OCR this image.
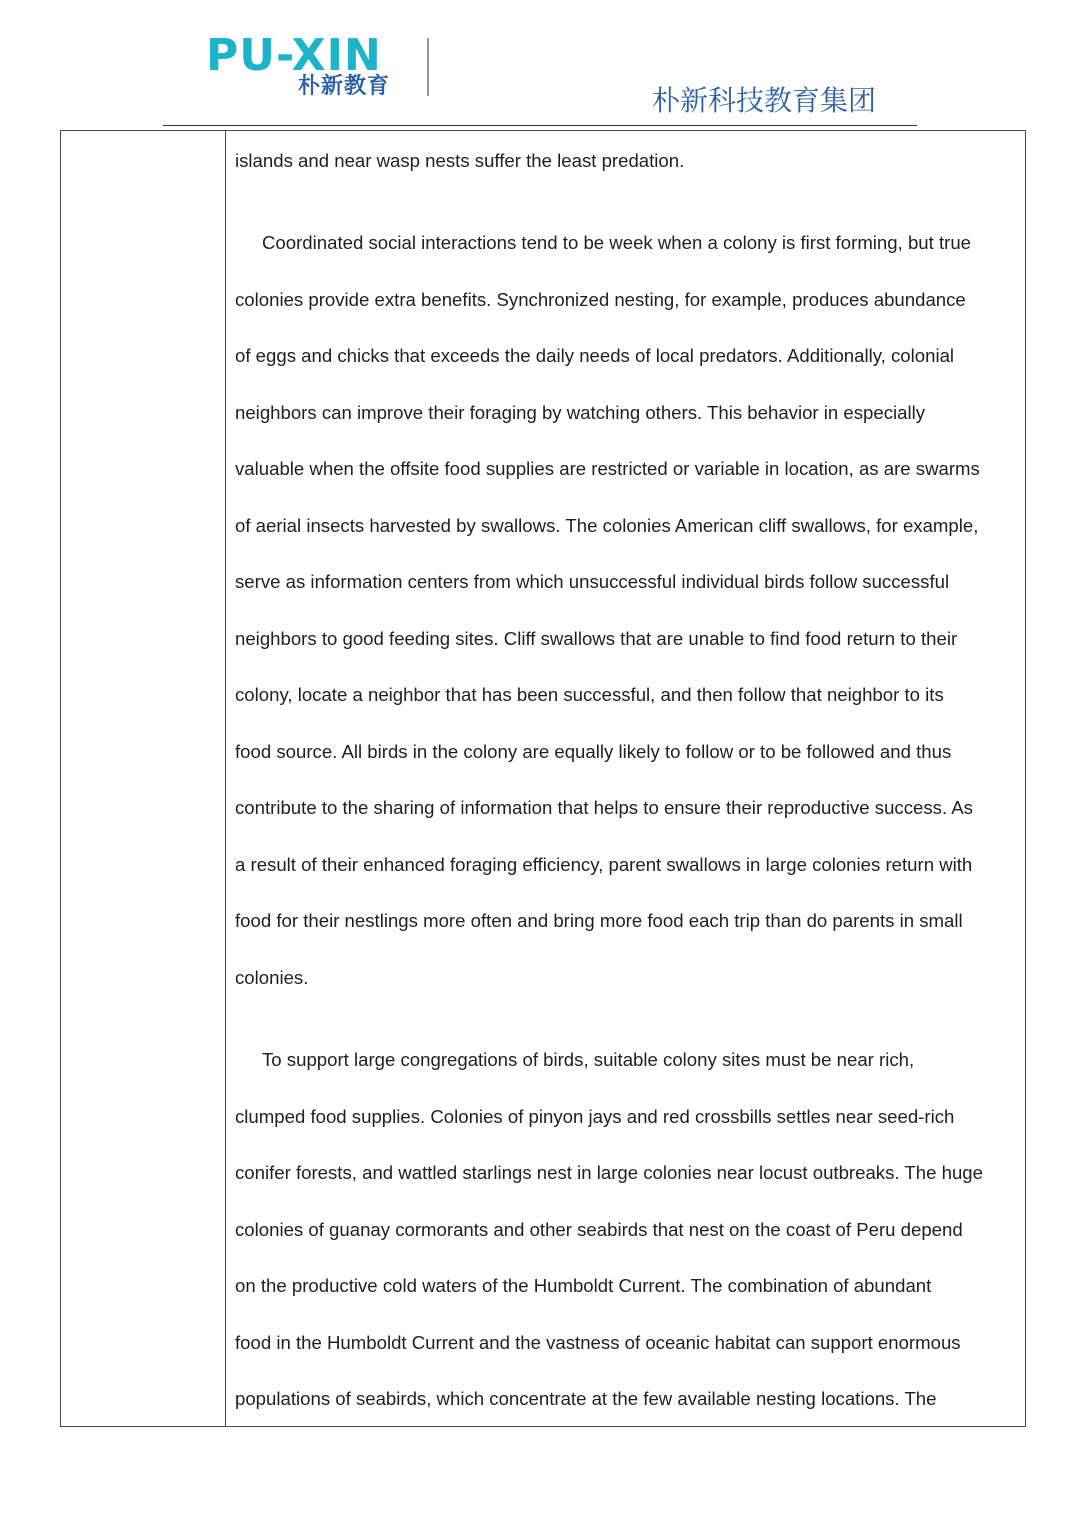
PU-XIN
朴新教育	朴新科技教育集团
islands and near wasp nests suffer the least predation.
Coordinated social interactions tend to be week when a colony is first forming, but true
colonies provide extra benefits. Synchronized nesting, for example, produces abundance
of eggs and chicks that exceeds the daily needs of local predators. Additionally, colonial
neighbors can improve their foraging by watching others. This behavior in especially
valuable when the offsite food supplies are restricted or variable in location, as are swarms
of aerial insects harvested by swallows. The colonies American cliff swallows, for example,
serve as information centers from which unsuccessful individual birds follow successful
neighbors to good feeding sites. Cliff swallows that are unable to find food return to their
colony, locate a neighbor that has been successful, and then follow that neighbor to its
food source. All birds in the colony are equally likely to follow or to be followed and thus
contribute to the sharing of information that helps to ensure their reproductive success. As
a result of their enhanced foraging efficiency, parent swallows in large colonies return with
food for their nestlings more often and bring more food each trip than do parents in small
colonies.
To support large congregations of birds, suitable colony sites must be near rich,
clumped food supplies. Colonies of pinyon jays and red crossbills settles near seed-rich
conifer forests, and wattled starlings nest in large colonies near locust outbreaks. The huge
colonies of guanay cormorants and other seabirds that nest on the coast of Peru depend
on the productive cold waters of the Humboldt Current. The combination of abundant
food in the Humboldt Current and the vastness of oceanic habitat can support enormous
populations of seabirds, which concentrate at the few available nesting locations. The
